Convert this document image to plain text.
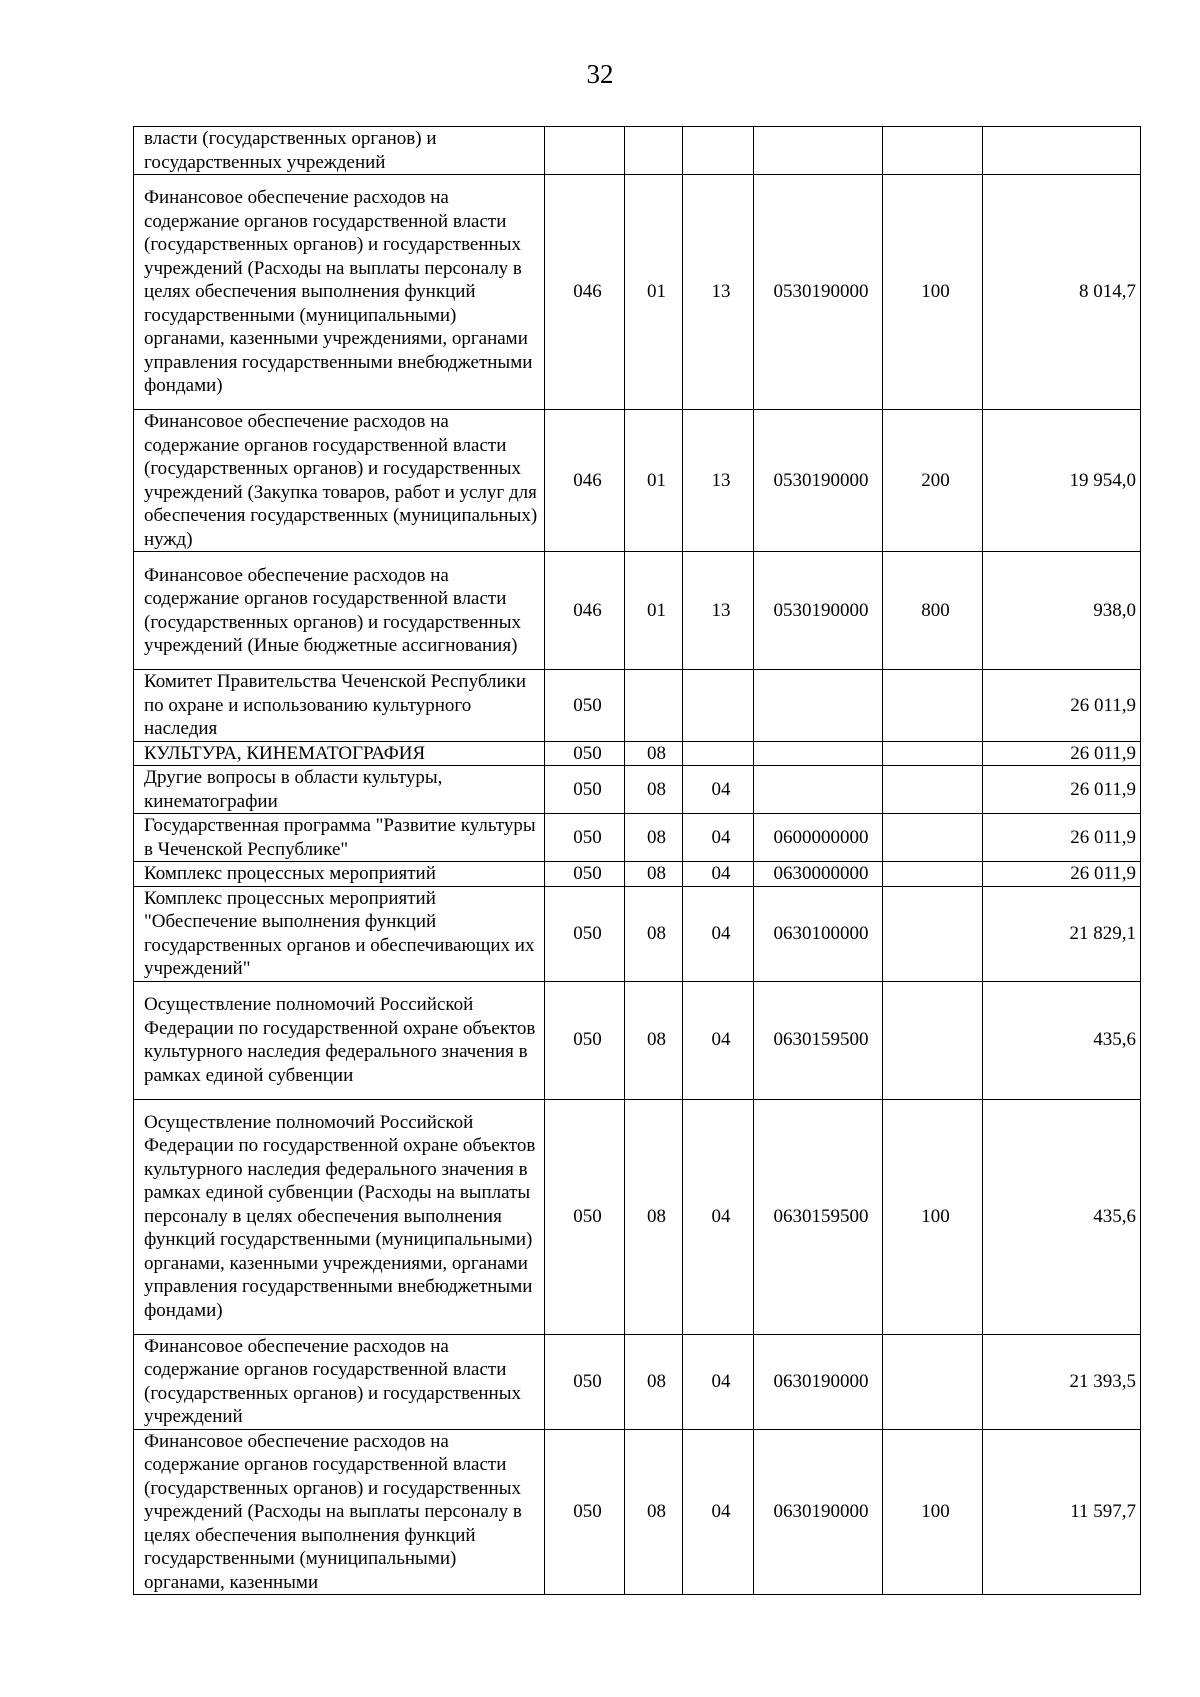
32
власти (государственных органов) и государственных учреждений						
Финансовое обеспечение расходов на содержание органов государственной власти (государственных органов) и государственных учреждений (Расходы на выплаты персоналу в целях обеспечения выполнения функций государственными (муниципальными) органами, казенными учреждениями, органами управления государственными внебюджетными фондами)	046	01	13	0530190000	100	8 014,7
Финансовое обеспечение расходов на содержание органов государственной власти (государственных органов) и государственных учреждений (Закупка товаров, работ и услуг для обеспечения государственных (муниципальных) нужд)	046	01	13	0530190000	200	19 954,0
Финансовое обеспечение расходов на содержание органов государственной власти (государственных органов) и государственных учреждений (Иные бюджетные ассигнования)	046	01	13	0530190000	800	938,0
Комитет Правительства Чеченской Республики по охране и использованию культурного наследия	050					26 011,9
КУЛЬТУРА, КИНЕМАТОГРАФИЯ	050	08				26 011,9
Другие вопросы в области культуры, кинематографии	050	08	04			26 011,9
Государственная программа "Развитие культуры в Чеченской Республике"	050	08	04	0600000000		26 011,9
Комплекс процессных мероприятий	050	08	04	0630000000		26 011,9
Комплекс процессных мероприятий "Обеспечение выполнения функций государственных органов и обеспечивающих их учреждений"	050	08	04	0630100000		21 829,1
Осуществление полномочий Российской Федерации по государственной охране объектов культурного наследия федерального значения в рамках единой субвенции	050	08	04	0630159500		435,6
Осуществление полномочий Российской Федерации по государственной охране объектов культурного наследия федерального значения в рамках единой субвенции (Расходы на выплаты персоналу в целях обеспечения выполнения функций государственными (муниципальными) органами, казенными учреждениями, органами управления государственными внебюджетными фондами)	050	08	04	0630159500	100	435,6
Финансовое обеспечение расходов на содержание органов государственной власти (государственных органов) и государственных учреждений	050	08	04	0630190000		21 393,5
Финансовое обеспечение расходов на содержание органов государственной власти (государственных органов) и государственных учреждений (Расходы на выплаты персоналу в целях обеспечения выполнения функций государственными (муниципальными) органами, казенными	050	08	04	0630190000	100	11 597,7
